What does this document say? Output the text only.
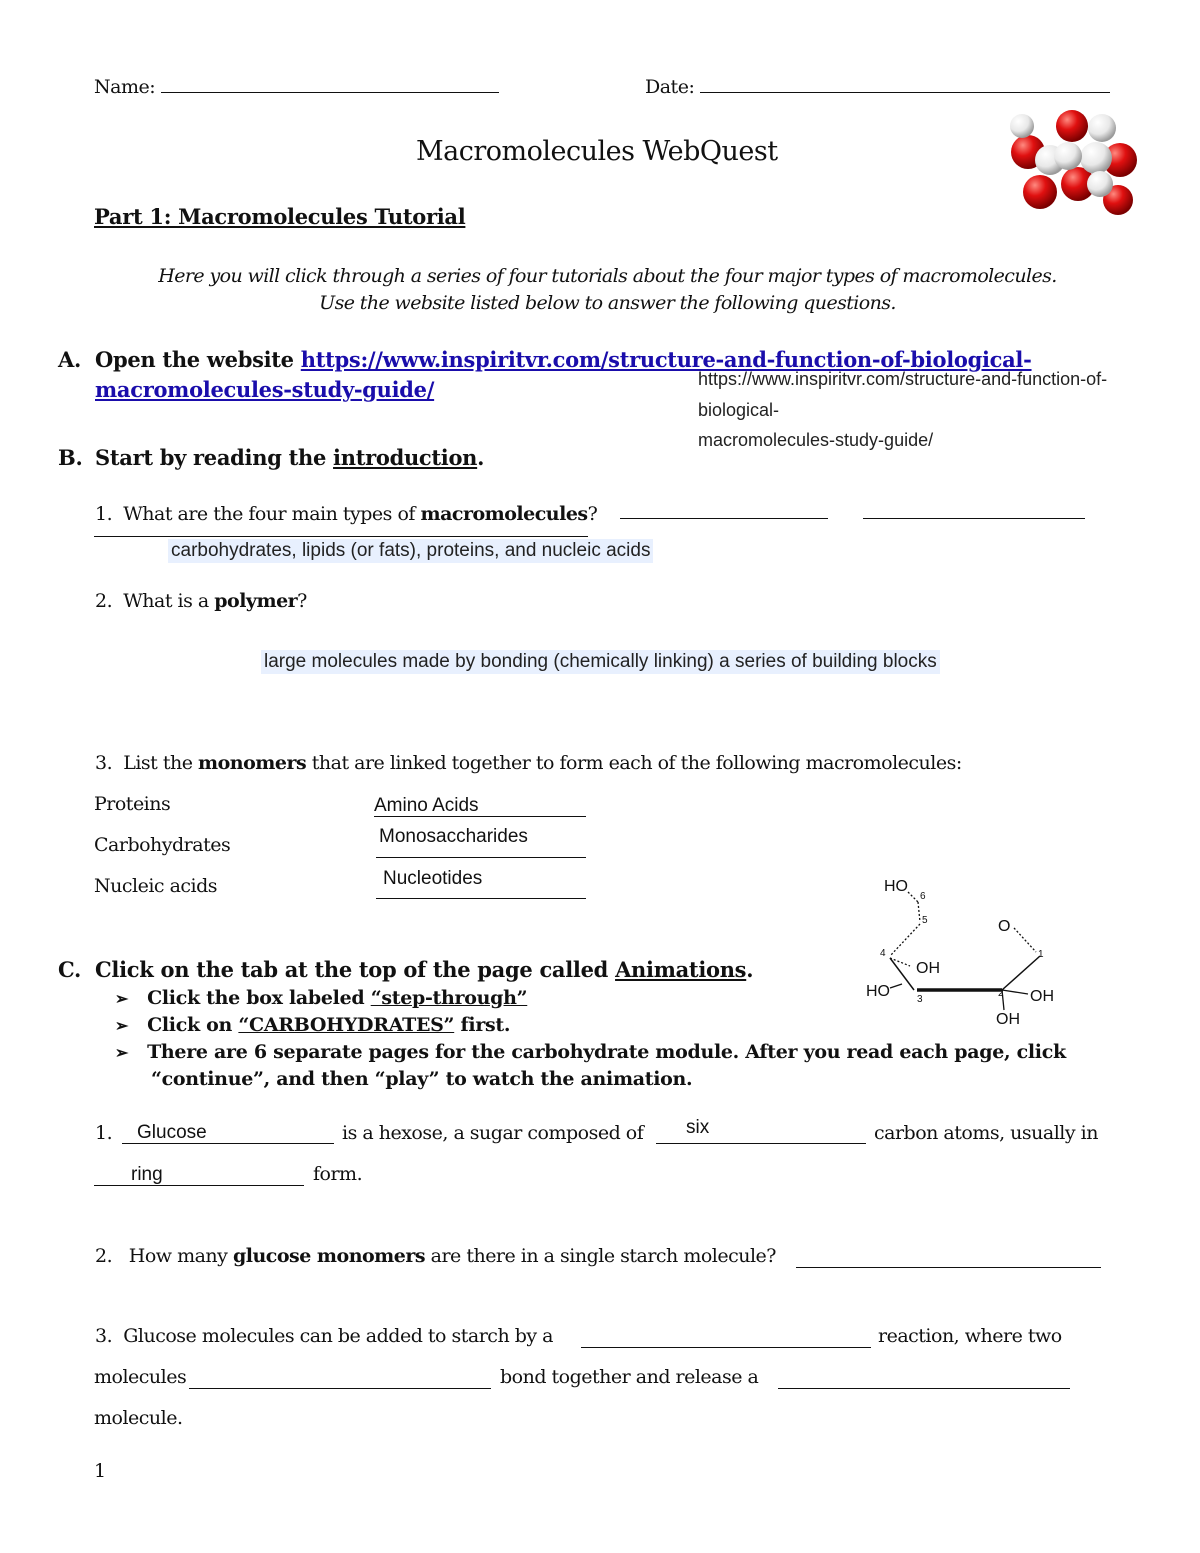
Name:	Date:
Macromolecules WebQuest
Part 1: Macromolecules Tutorial
Here you will click through a series of four tutorials about the four major types of macromolecules.
Use the website listed below to answer the following questions.
A. Open the website https://www.inspiritvr.com/structure-and-function-of-biological-
macromolecules-study-guide/	https://www.inspiritvr.com/structure-and-function-of-
biological-
macromolecules-study-guide/
B. Start by reading the introduction.
1. What are the four main types of macromolecules?
carbohydrates, lipids (or fats), proteins, and nucleic acids
2. What is a polymer?
large molecules made by bonding (chemically linking) a series of building blocks
3. List the monomers that are linked together to form each of the following macromolecules:
Proteins	Amino Acids
Carbohydrates	Monosaccharides
Nucleic acids	Nucleotides	HO
6
5	O
4	1
OH
HO	3
2 OH
OH
C. Click on the tab at the top of the page called Animations.
➢ Click the box labeled “step-through”
➢ Click on “CARBOHYDRATES” first.
➢ There are 6 separate pages for the carbohydrate module. After you read each page, click
“continue”, and then “play” to watch the animation.
1. Glucose	is a hexose, a sugar composed of six	carbon atoms, usually in
ring	form.
2. How many glucose monomers are there in a single starch molecule?
3. Glucose molecules can be added to starch by a	reaction, where two
molecules	bond together and release a
molecule.
1
